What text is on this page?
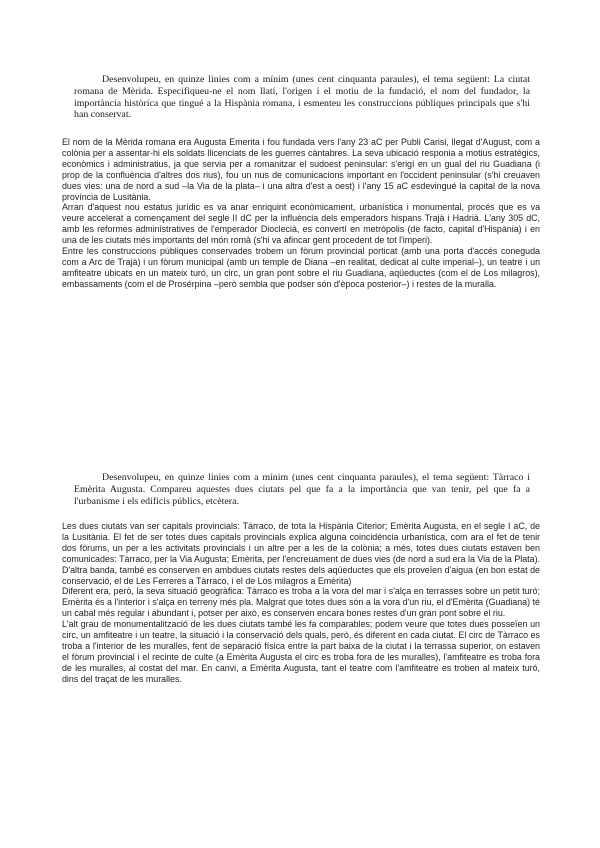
Desenvolupeu, en quinze línies com a mínim (unes cent cinquanta paraules), el tema següent: La ciutat romana de Mèrida. Especifiqueu-ne el nom llatí, l'origen i el motiu de la fundació, el nom del fundador, la importància històrica que tingué a la Hispània romana, i esmenteu les construccions públiques principals que s'hi han conservat.

El nom de la Mèrida romana era Augusta Emerita i fou fundada vers l'any 23 aC per Publi Carisi, llegat d'August, com a colònia per a assentar-hi els soldats llicenciats de les guerres càntabres. La seva ubicació responia a motius estratègics, econòmics i administratius, ja que servia per a romanitzar el sudoest peninsular: s'erigí en un gual del riu Guadiana (i prop de la confluència d'altres dos rius), fou un nus de comunicacions important en l'occident peninsular (s'hi creuaven dues vies: una de nord a sud –la Via de la plata– i una altra d'est a oest) i l'any 15 aC esdevingué la capital de la nova província de Lusitània.

Arran d'aquest nou estatus jurídic es va anar enriquint econòmicament, urbanística i monumental, procés que es va veure accelerat a començament del segle II dC per la influència dels emperadors hispans Trajà i Hadrià. L'any 305 dC, amb les reformes administratives de l'emperador Dioclecià, es convertí en metròpolis (de facto, capital d'Hispània) i en una de les ciutats més importants del món romà (s'hi va afincar gent procedent de tot l'imperi).

Entre les construccions públiques conservades trobem un fòrum provincial porticat (amb una porta d'accés coneguda com a Arc de Trajà) i un fòrum municipal (amb un temple de Diana –en realitat, dedicat al culte imperial–), un teatre i un amfiteatre ubicats en un mateix turó, un circ, un gran pont sobre el riu Guadiana, aqüeductes (com el de Los milagros), embassaments (com el de Prosérpina –però sembla que podser són d'època posterior–) i restes de la muralla.

Desenvolupeu, en quinze línies com a mínim (unes cent cinquanta paraules), el tema següent: Tàrraco i Emèrita Augusta. Compareu aquestes dues ciutats pel que fa a la importància que van tenir, pel que fa a l'urbanisme i els edificis públics, etcètera.

Les dues ciutats van ser capitals provincials: Tàrraco, de tota la Hispània Citerior; Emèrita Augusta, en el segle I aC, de la Lusitània. El fet de ser totes dues capitals provincials explica alguna coincidència urbanística, com ara el fet de tenir dos fòrums, un per a les activitats provincials i un altre per a les de la colònia; a més, totes dues ciutats estaven ben comunicades: Tàrraco, per la Via Augusta; Emèrita, per l'encreuament de dues vies (de nord a sud era la Via de la Plata). D'altra banda, també es conserven en ambdues ciutats restes dels aqüeductes que els proveïen d'aigua (en bon estat de conservació, el de Les Ferreres a Tàrraco, i el de Los milagros a Emèrita)

Diferent era, però, la seva situació geogràfica: Tàrraco es troba a la vora del mar i s'alça en terrasses sobre un petit turó; Emèrita és a l'interior i s'alça en terreny més pla. Malgrat que totes dues són a la vora d'un riu, el d'Emèrita (Guadiana) té un cabal més regular i abundant i, potser per això, es conserven encara bones restes d'un gran pont sobre el riu.

L'alt grau de monumentalització de les dues ciutats també les fa comparables; podem veure que totes dues posseïen un circ, un amfiteatre i un teatre, la situació i la conservació dels quals, però, és diferent en cada ciutat. El circ de Tàrraco es troba a l'interior de les muralles, fent de separació física entre la part baixa de la ciutat i la terrassa superior, on estaven el fòrum provincial i el recinte de culte (a Emèrita Augusta el circ es troba fora de les muralles), l'amfiteatre es troba fora de les muralles, al costat del mar. En canvi, a Emèrita Augusta, tant el teatre com l'amfiteatre es troben al mateix turó, dins del traçat de les muralles.
